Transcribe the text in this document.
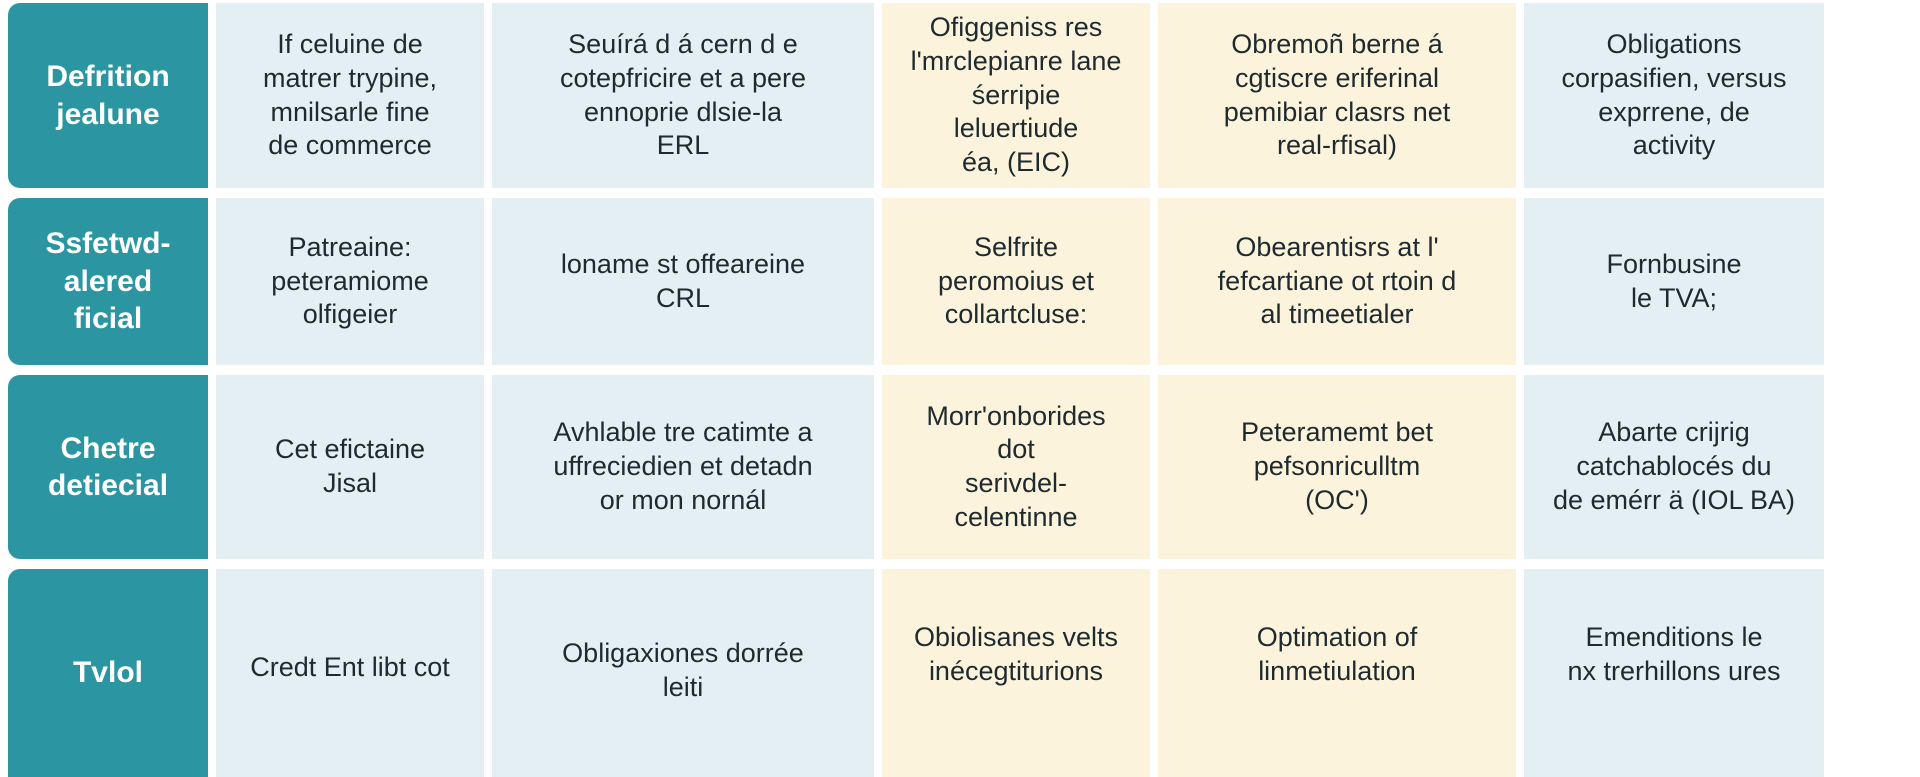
Defrition
jealune
If celuine de
matrer trypine,
mnilsarle fine
de commerce
Seuírá d á cern d e
cotepfricire et a pere
ennoprie dlsie-la
ERL
Ofiggeniss res
l'mrclepianre lane
śerripie leluertiude
éa, (EIC)
Obremoñ berne á
cgtiscre eriferinal
pemibiar clasrs net
real-rfisal)
Obligations
corpasifien, versus
exprrene, de
activity
Ssfetwd-
alered
ficial
Patreaine:
peteramiome
olfigeier
loname st offeareine
CRL
Selfrite
peromoius et
collartcluse:
Obearentisrs at l'
fefcartiane ot rtoin d
al timeetialer
Fornbusine
le TVA;
Chetre
detiecial
Cet efictaine
Jisal
Avhlable tre catimte a
uffreciedien et detadn
or mon nornál
Morr'onborides dot
serivdel-celentinne
Peteramemt bet
pefsonriculltm
(OC')
Abarte crijrig
catchablocés du
de emérr ä (IOL BA)
Tvlol	Credt Ent libt cot	Obligaxiones dorrée
leiti
Obiolisanes velts
inécegtiturions
Optimation of
linmetiulation
Emenditions le
nx trerhillons ures
